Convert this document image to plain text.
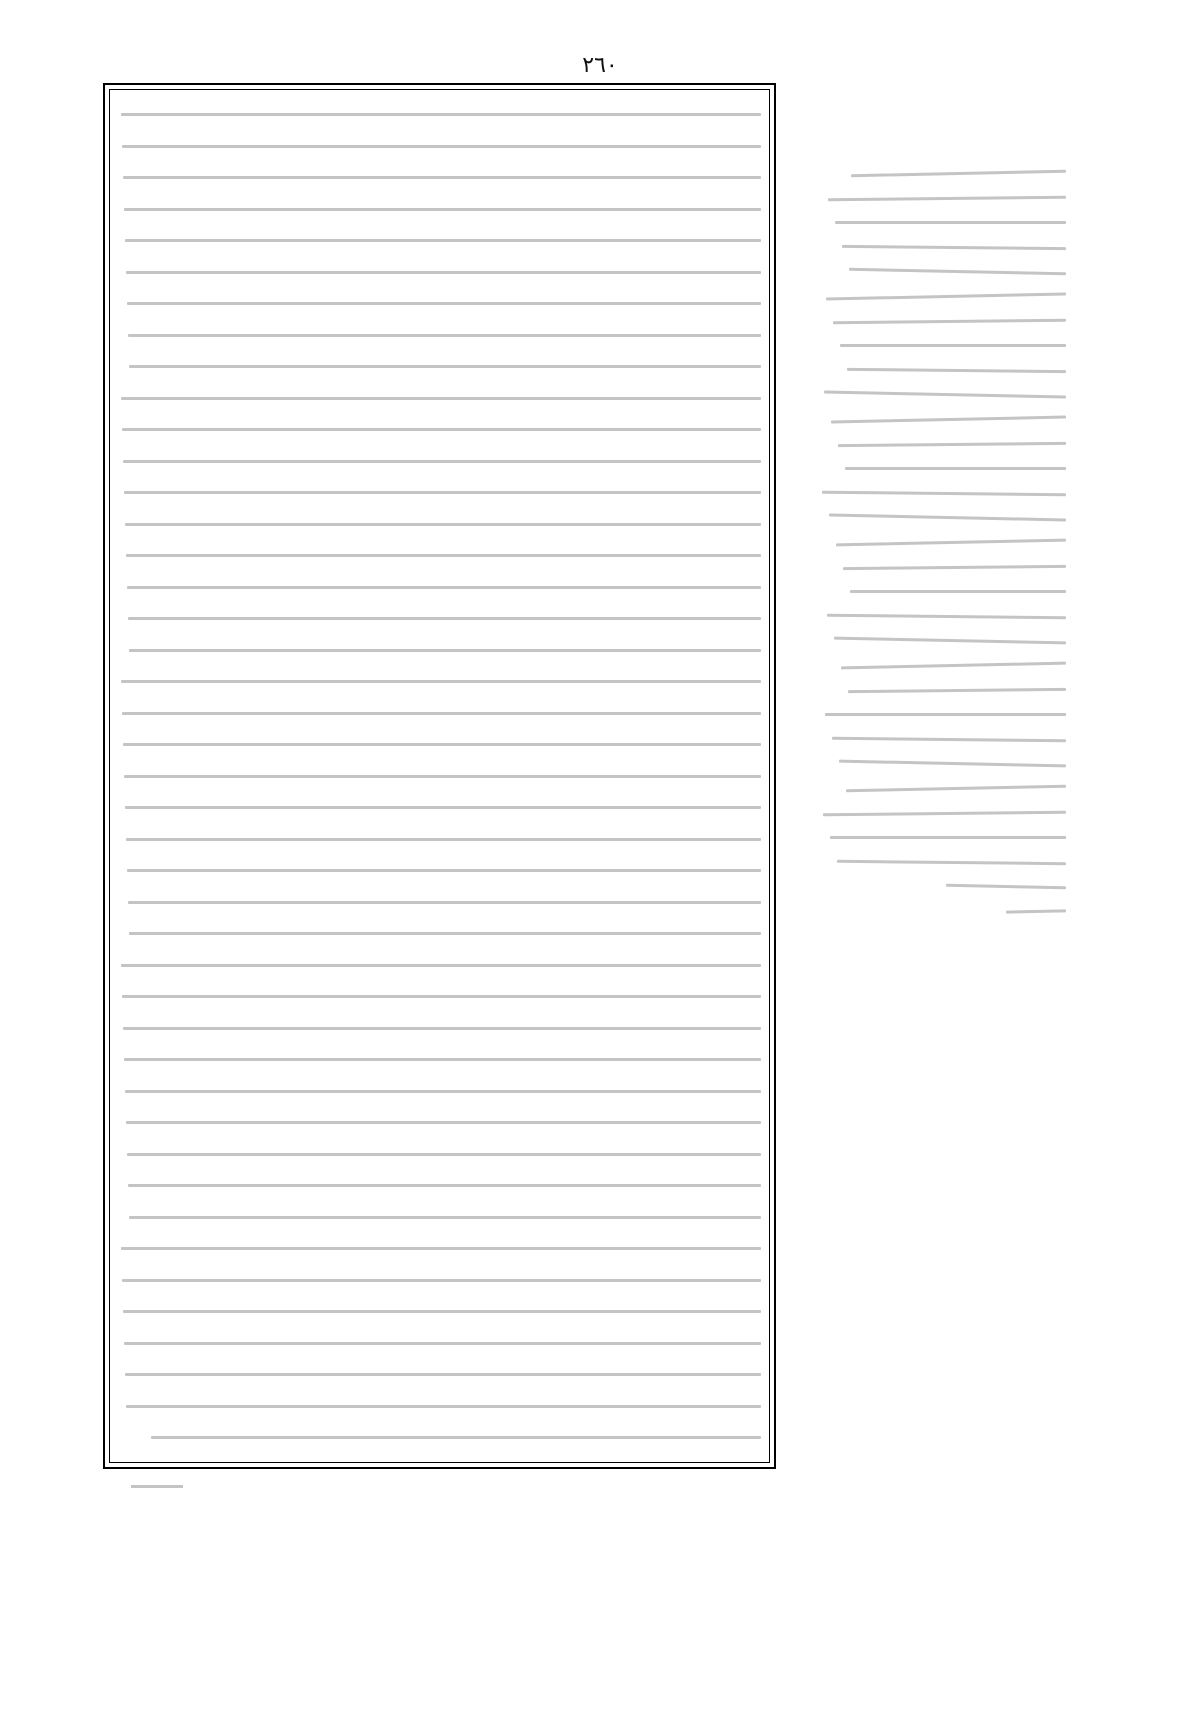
٢٦٠
